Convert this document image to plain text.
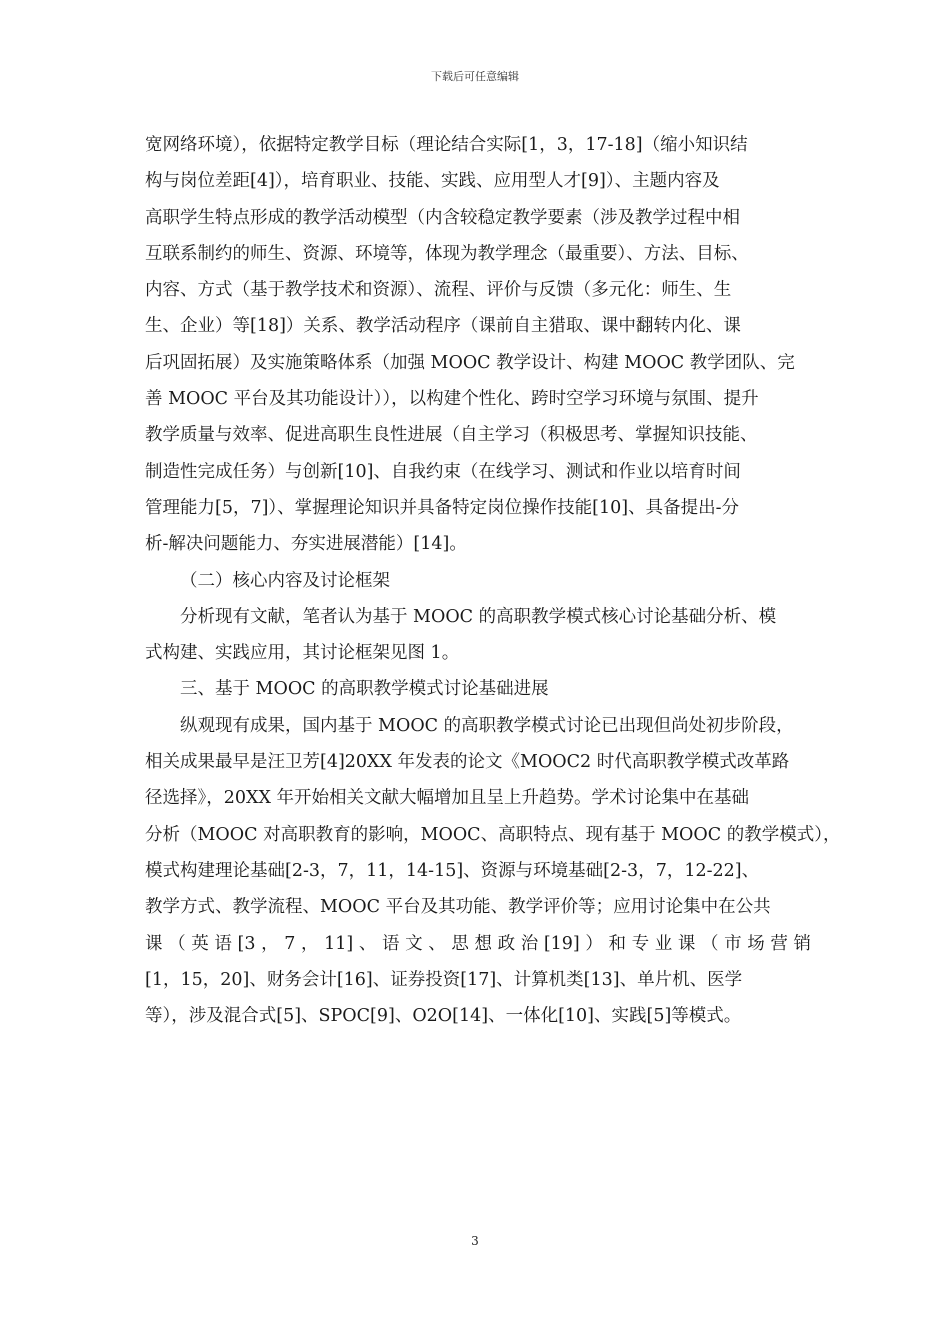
下载后可任意编辑
宽网络环境），依据特定教学目标（理论结合实际[1，3，17-18]（缩小知识结
构与岗位差距[4]），培育职业、技能、实践、应用型人才[9]）、主题内容及
高职学生特点形成的教学活动模型（内含较稳定教学要素（涉及教学过程中相
互联系制约的师生、资源、环境等，体现为教学理念（最重要）、方法、目标、
内容、方式（基于教学技术和资源）、流程、评价与反馈（多元化：师生、生
生、企业）等[18]）关系、教学活动程序（课前自主猎取、课中翻转内化、课
后巩固拓展）及实施策略体系（加强 MOOC 教学设计、构建 MOOC 教学团队、完
善 MOOC 平台及其功能设计）），以构建个性化、跨时空学习环境与氛围、提升
教学质量与效率、促进高职生良性进展（自主学习（积极思考、掌握知识技能、
制造性完成任务）与创新[10]、自我约束（在线学习、测试和作业以培育时间
管理能力[5，7]）、掌握理论知识并具备特定岗位操作技能[10]、具备提出-分
析-解决问题能力、夯实进展潜能）[14]。
（二）核心内容及讨论框架
分析现有文献，笔者认为基于 MOOC 的高职教学模式核心讨论基础分析、模
式构建、实践应用，其讨论框架见图 1。
三、基于 MOOC 的高职教学模式讨论基础进展
纵观现有成果，国内基于 MOOC 的高职教学模式讨论已出现但尚处初步阶段，
相关成果最早是汪卫芳[4]20XX 年发表的论文《MOOC2 时代高职教学模式改革路
径选择》，20XX 年开始相关文献大幅增加且呈上升趋势。学术讨论集中在基础
分析（MOOC 对高职教育的影响，MOOC、高职特点、现有基于 MOOC 的教学模式），
模式构建理论基础[2-3，7，11，14-15]、资源与环境基础[2-3，7，12-22]、
教学方式、教学流程、MOOC 平台及其功能、教学评价等；应用讨论集中在公共
课（英语[3，7，11]、语文、思想政治[19]）和专业课（市场营销
[1，15，20]、财务会计[16]、证券投资[17]、计算机类[13]、单片机、医学
等），涉及混合式[5]、SPOC[9]、O2O[14]、一体化[10]、实践[5]等模式。
3
